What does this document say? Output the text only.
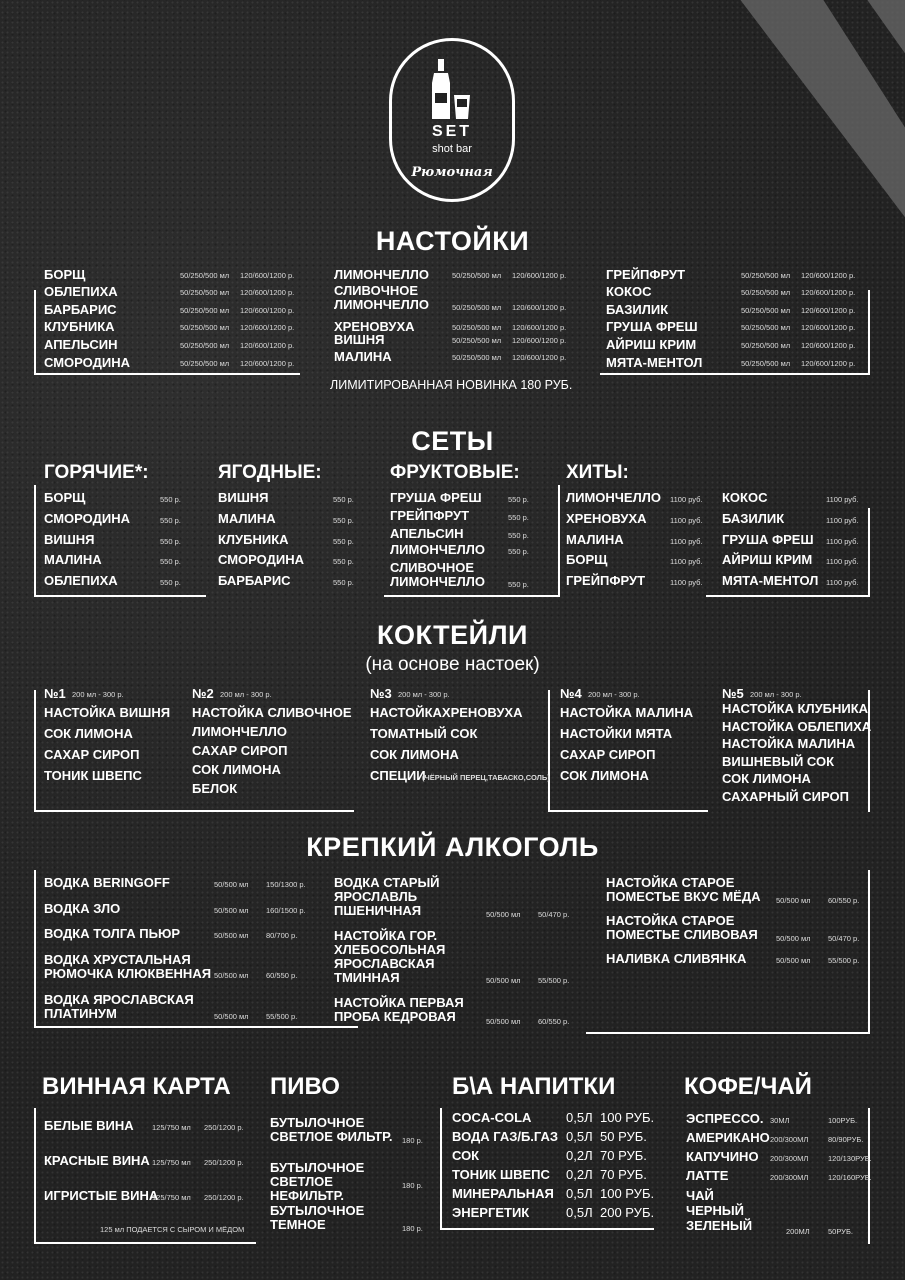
SET
shot bar
Рюмочная
НАСТОЙКИ
БОРЩ	50/250/500 мл 120/600/1200 р.
ОБЛЕПИХА	50/250/500 мл 120/600/1200 р.
БАРБАРИС	50/250/500 мл 120/600/1200 р.
КЛУБНИКА	50/250/500 мл 120/600/1200 р.
АПЕЛЬСИН	50/250/500 мл 120/600/1200 р.
СМОРОДИНА	50/250/500 мл 120/600/1200 р.
ЛИМОНЧЕЛЛО	50/250/500 мл 120/600/1200 р.
СЛИВОЧНОЕ ЛИМОНЧЕЛЛО	50/250/500 мл 120/600/1200 р.
ХРЕНОВУХА	50/250/500 мл 120/600/1200 р.
ВИШНЯ	50/250/500 мл 120/600/1200 р.
МАЛИНА	50/250/500 мл 120/600/1200 р.
ГРЕЙПФРУТ	50/250/500 мл 120/600/1200 р.
КОКОС	50/250/500 мл 120/600/1200 р.
БАЗИЛИК	50/250/500 мл 120/600/1200 р.
ГРУША ФРЕШ	50/250/500 мл 120/600/1200 р.
АЙРИШ КРИМ	50/250/500 мл 120/600/1200 р.
МЯТА-МЕНТОЛ	50/250/500 мл 120/600/1200 р.
ЛИМИТИРОВАННАЯ НОВИНКА 180 РУБ.
СЕТЫ
ГОРЯЧИЕ*:
БОРЩ	550 р.
СМОРОДИНА	550 р.
ВИШНЯ	550 р.
МАЛИНА	550 р.
ОБЛЕПИХА	550 р.
ЯГОДНЫЕ:
ВИШНЯ	550 р.
МАЛИНА	550 р.
КЛУБНИКА	550 р.
СМОРОДИНА	550 р.
БАРБАРИС	550 р.
ФРУКТОВЫЕ:
ГРУША ФРЕШ	550 р.
ГРЕЙПФРУТ	550 р.
АПЕЛЬСИН	550 р.
ЛИМОНЧЕЛЛО	550 р.
СЛИВОЧНОЕ ЛИМОНЧЕЛЛО	550 р.
ХИТЫ:
ЛИМОНЧЕЛЛО 1100 руб.
ХРЕНОВУХА	1100 руб.
МАЛИНА	1100 руб.
БОРЩ	1100 руб.
ГРЕЙПФРУТ	1100 руб.
КОКОС	1100 руб.
БАЗИЛИК	1100 руб.
ГРУША ФРЕШ 1100 руб.
АЙРИШ КРИМ 1100 руб.
МЯТА-МЕНТОЛ 1100 руб.
КОКТЕЙЛИ
(на основе настоек)
№1 200 мл - 300 р.
НАСТОЙКА ВИШНЯ
СОК ЛИМОНА
САХАР СИРОП
ТОНИК ШВЕПС
№2 200 мл - 300 р.
НАСТОЙКА СЛИВОЧНОЕ
ЛИМОНЧЕЛЛО
САХАР СИРОП
СОК ЛИМОНА
БЕЛОК
№3 200 мл - 300 р.
НАСТОЙКАХРЕНОВУХА
ТОМАТНЫЙ СОК
СОК ЛИМОНА
СПЕЦИИ
(ЧЁРНЫЙ ПЕРЕЦ,ТАБАСКО,СОЛЬ)
№4 200 мл - 300 р.
НАСТОЙКА МАЛИНА
НАСТОЙКИ МЯТА
САХАР СИРОП
СОК ЛИМОНА
№5 200 мл - 300 р.
НАСТОЙКА КЛУБНИКА
НАСТОЙКА ОБЛЕПИХА
НАСТОЙКА МАЛИНА
ВИШНЕВЫЙ СОК
СОК ЛИМОНА
САХАРНЫЙ СИРОП
КРЕПКИЙ АЛКОГОЛЬ
ВОДКА BERINGOFF	50/500 мл 150/1300 р.
ВОДКА ЗЛО	50/500 мл 160/1500 р.
ВОДКА ТОЛГА ПЬЮР	50/500 мл 80/700 р.
ВОДКА ХРУСТАЛЬНАЯ РЮМОЧКА КЛЮКВЕННАЯ 50/500 мл 60/550 р.
ВОДКА ЯРОСЛАВСКАЯ ПЛАТИНУМ	50/500 мл 55/500 р.
ВОДКА СТАРЫЙ ЯРОСЛАВЛЬ ПШЕНИЧНАЯ	50/500 мл 50/470 р.
НАСТОЙКА ГОР. ХЛЕБОСОЛЬНАЯ ЯРОСЛАВСКАЯ ТМИННАЯ	50/500 мл 55/500 р.
НАСТОЙКА ПЕРВАЯ ПРОБА КЕДРОВАЯ	50/500 мл 60/550 р.
НАСТОЙКА СТАРОЕ ПОМЕСТЬЕ ВКУС МЁДА	50/500 мл 60/550 р.
НАСТОЙКА СТАРОЕ ПОМЕСТЬЕ СЛИВОВАЯ	50/500 мл 50/470 р.
НАЛИВКА СЛИВЯНКА	50/500 мл 55/500 р.
ВИННАЯ КАРТА ПИВО	Б\А НАПИТКИ	КОФЕ/ЧАЙ
БЕЛЫЕ ВИНА 125/750 мл 250/1200 р.
КРАСНЫЕ ВИНА 125/750 мл 250/1200 р.
ИГРИСТЫЕ ВИНА
125/750 мл 250/1200 р.
125 мл ПОДАЕТСЯ С СЫРОМ И МЁДОМ
БУТЫЛОЧНОЕ СВЕТЛОЕ ФИЛЬТР.	180 р.
БУТЫЛОЧНОЕ СВЕТЛОЕ НЕФИЛЬТР.
180 р.
БУТЫЛОЧНОЕ ТЕМНОЕ	180 р.
COCA-COLA	0,5Л 100 РУБ.
ВОДА ГАЗ/Б.ГАЗ 0,5Л 50 РУБ.
СОК	0,2Л 70 РУБ.
ТОНИК ШВЕПС 0,2Л 70 РУБ.
МИНЕРАЛЬНАЯ 0,5Л 100 РУБ.
ЭНЕРГЕТИК	0,5Л 200 РУБ.
ЭСПРЕССО. 30МЛ	100РУБ.
АМЕРИКАНО 200/300МЛ	80/90РУБ.
КАПУЧИНО 200/300МЛ	120/130РУБ.
ЛАТТЕ	200/300МЛ	120/160РУБ.
ЧАЙ ЧЕРНЫЙ ЗЕЛЕНЫЙ	200МЛ 50РУБ.
